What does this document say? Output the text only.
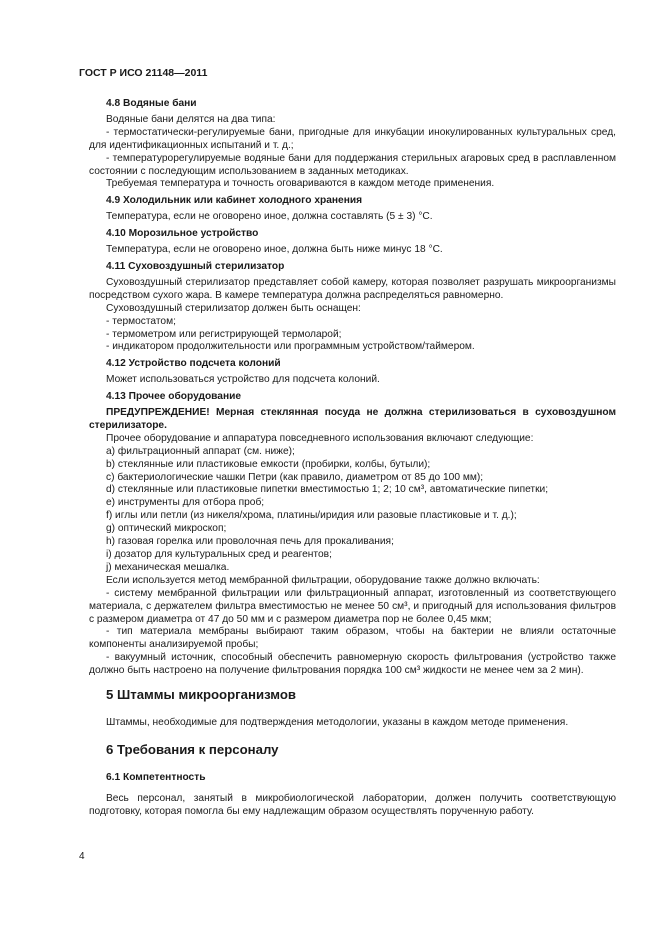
ГОСТ Р ИСО 21148—2011

4.8 Водяные бани

Водяные бани делятся на два типа:

- термостатически-регулируемые бани, пригодные для инкубации инокулированных культуральных сред, для идентификационных испытаний и т. д.;

- температурорегулируемые водяные бани для поддержания стерильных агаровых сред в расплавленном состоянии с последующим использованием в заданных методиках.

Требуемая температура и точность оговариваются в каждом методе применения.

4.9 Холодильник или кабинет холодного хранения

Температура, если не оговорено иное, должна составлять (5 ± 3) °С.

4.10 Морозильное устройство

Температура, если не оговорено иное, должна быть ниже минус 18 °С.

4.11 Суховоздушный стерилизатор

Суховоздушный стерилизатор представляет собой камеру, которая позволяет разрушать микроорганизмы посредством сухого жара. В камере температура должна распределяться равномерно.

Суховоздушный стерилизатор должен быть оснащен:

- термостатом;

- термометром или регистрирующей термоларой;

- индикатором продолжительности или программным устройством/таймером.

4.12 Устройство подсчета колоний

Может использоваться устройство для подсчета колоний.

4.13 Прочее оборудование

ПРЕДУПРЕЖДЕНИЕ! Мерная стеклянная посуда не должна стерилизоваться в суховоздушном стерилизаторе.

Прочее оборудование и аппаратура повседневного использования включают следующие:

a) фильтрационный аппарат (см. ниже);

b) стеклянные или пластиковые емкости (пробирки, колбы, бутыли);

c) бактериологические чашки Петри (как правило, диаметром от 85 до 100 мм);

d) стеклянные или пластиковые пипетки вместимостью 1; 2; 10 см³, автоматические пипетки;

e) инструменты для отбора проб;

f) иглы или петли (из никеля/хрома, платины/иридия или разовые пластиковые и т. д.);

g) оптический микроскоп;

h) газовая горелка или проволочная печь для прокаливания;

i) дозатор для культуральных сред и реагентов;

j) механическая мешалка.

Если используется метод мембранной фильтрации, оборудование также должно включать:

- систему мембранной фильтрации или фильтрационный аппарат, изготовленный из соответствующего материала, с держателем фильтра вместимостью не менее 50 см³, и пригодный для использования фильтров с размером диаметра от 47 до 50 мм и с размером диаметра пор не более 0,45 мкм;

- тип материала мембраны выбирают таким образом, чтобы на бактерии не влияли остаточные компоненты анализируемой пробы;

- вакуумный источник, способный обеспечить равномерную скорость фильтрования (устройство также должно быть настроено на получение фильтрования порядка 100 см³ жидкости не менее чем за 2 мин).

5 Штаммы микроорганизмов

Штаммы, необходимые для подтверждения методологии, указаны в каждом методе применения.

6 Требования к персоналу

6.1 Компетентность

Весь персонал, занятый в микробиологической лаборатории, должен получить соответствующую подготовку, которая помогла бы ему надлежащим образом осуществлять порученную работу.

4
